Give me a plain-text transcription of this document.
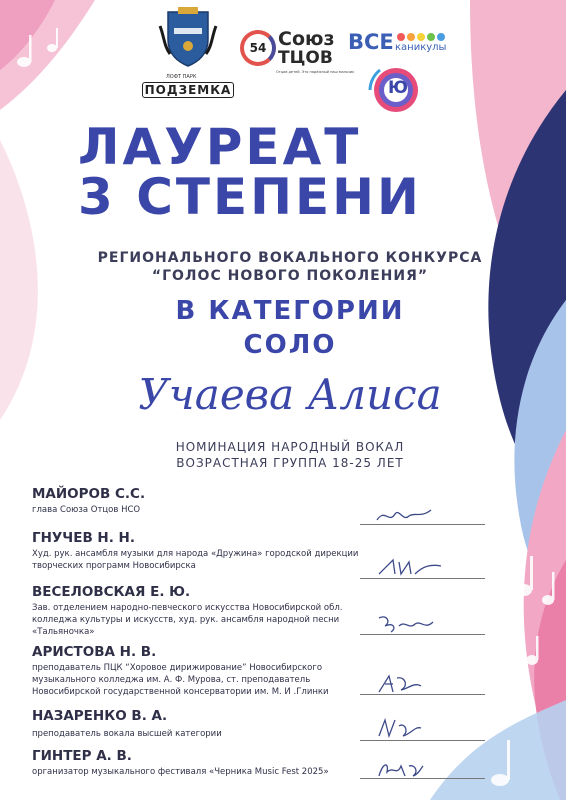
ЛОФТ ПАРК
ПОДЗЕМКА
54 Союз
ТЦОВ
Отцов детей. Это надёжный наш мальчик
ВСЕ каникулы
Ю
ЛАУРЕАТ
3 СТЕПЕНИ
РЕГИОНАЛЬНОГО ВОКАЛЬНОГО КОНКУРСА
“ГОЛОС НОВОГО ПОКОЛЕНИЯ”
В КАТЕГОРИИ
СОЛО
Учаева Алиса
НОМИНАЦИЯ НАРОДНЫЙ ВОКАЛ
ВОЗРАСТНАЯ ГРУППА 18-25 ЛЕТ
МАЙОРОВ С.С.
глава Союза Отцов НСО
ГНУЧЕВ Н. Н.
Худ. рук. ансамбля музыки для народа «Дружина» городской дирекции творческих программ Новосибирска
ВЕСЕЛОВСКАЯ Е. Ю.
Зав. отделением народно-певческого искусства Новосибирской обл. колледжа культуры и искусств, худ. рук. ансамбля народной песни «Тальяночка»
АРИСТОВА Н. В.
преподаватель ПЦК “Хоровое дирижирование” Новосибирского музыкального колледжа им. А. Ф. Мурова, ст. преподаватель Новосибирской государственной консерватории им. М. И .Глинки
НАЗАРЕНКО В. А.
преподаватель вокала высшей категории
ГИНТЕР А. В.
организатор музыкального фестиваля «Черника Music Fest 2025»
